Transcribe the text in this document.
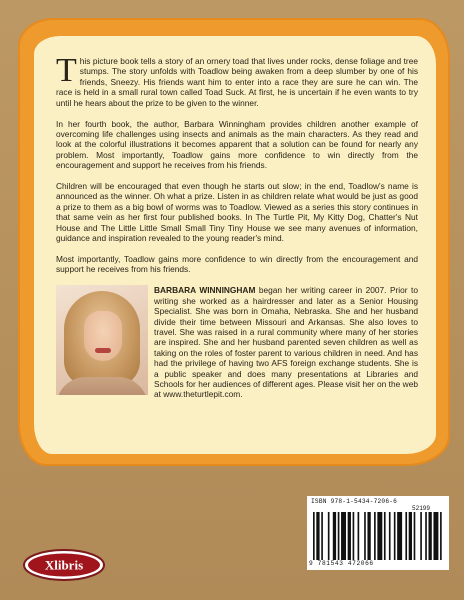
This picture book tells a story of an ornery toad that lives under rocks, dense foliage and tree stumps. The story unfolds with Toadlow being awaken from a deep slumber by one of his friends, Sneezy. His friends want him to enter into a race they are sure he can win. The race is held in a small rural town called Toad Suck. At first, he is uncertain if he even wants to try until he hears about the prize to be given to the winner.

In her fourth book, the author, Barbara Winningham provides children another example of overcoming life challenges using insects and animals as the main characters. As they read and look at the colorful illustrations it becomes apparent that a solution can be found for nearly any problem. Most importantly, Toadlow gains more confidence to win directly from the encouragement and support he receives from his friends.

Children will be encouraged that even though he starts out slow; in the end, Toadlow's name is announced as the winner. Oh what a prize. Listen in as children relate what would be just as good a prize to them as a big bowl of worms was to Toadlow. Viewed as a series this story continues in that same vein as her first four published books. In The Turtle Pit, My Kitty Dog, Chatter's Nut House and The Little Little Small Small Tiny Tiny House we see many avenues of information, guidance and inspiration revealed to the young reader's mind.

Most importantly, Toadlow gains more confidence to win directly from the encouragement and support he receives from his friends.

BARBARA WINNINGHAM began her writing career in 2007. Prior to writing she worked as a hairdresser and later as a Senior Housing Specialist. She was born in Omaha, Nebraska. She and her husband divide their time between Missouri and Arkansas. She also loves to travel. She was raised in a rural community where many of her stories are inspired. She and her husband parented seven children as well as taking on the roles of foster parent to various children in need. And has had the privilege of having two AFS foreign exchange students. She is a public speaker and does many presentations at Libraries and Schools for her audiences of different ages. Please visit her on the web at www.theturtlepit.com.

Xlibris
ISBN 978-1-5434-7206-6
52199
9 781543 472066
